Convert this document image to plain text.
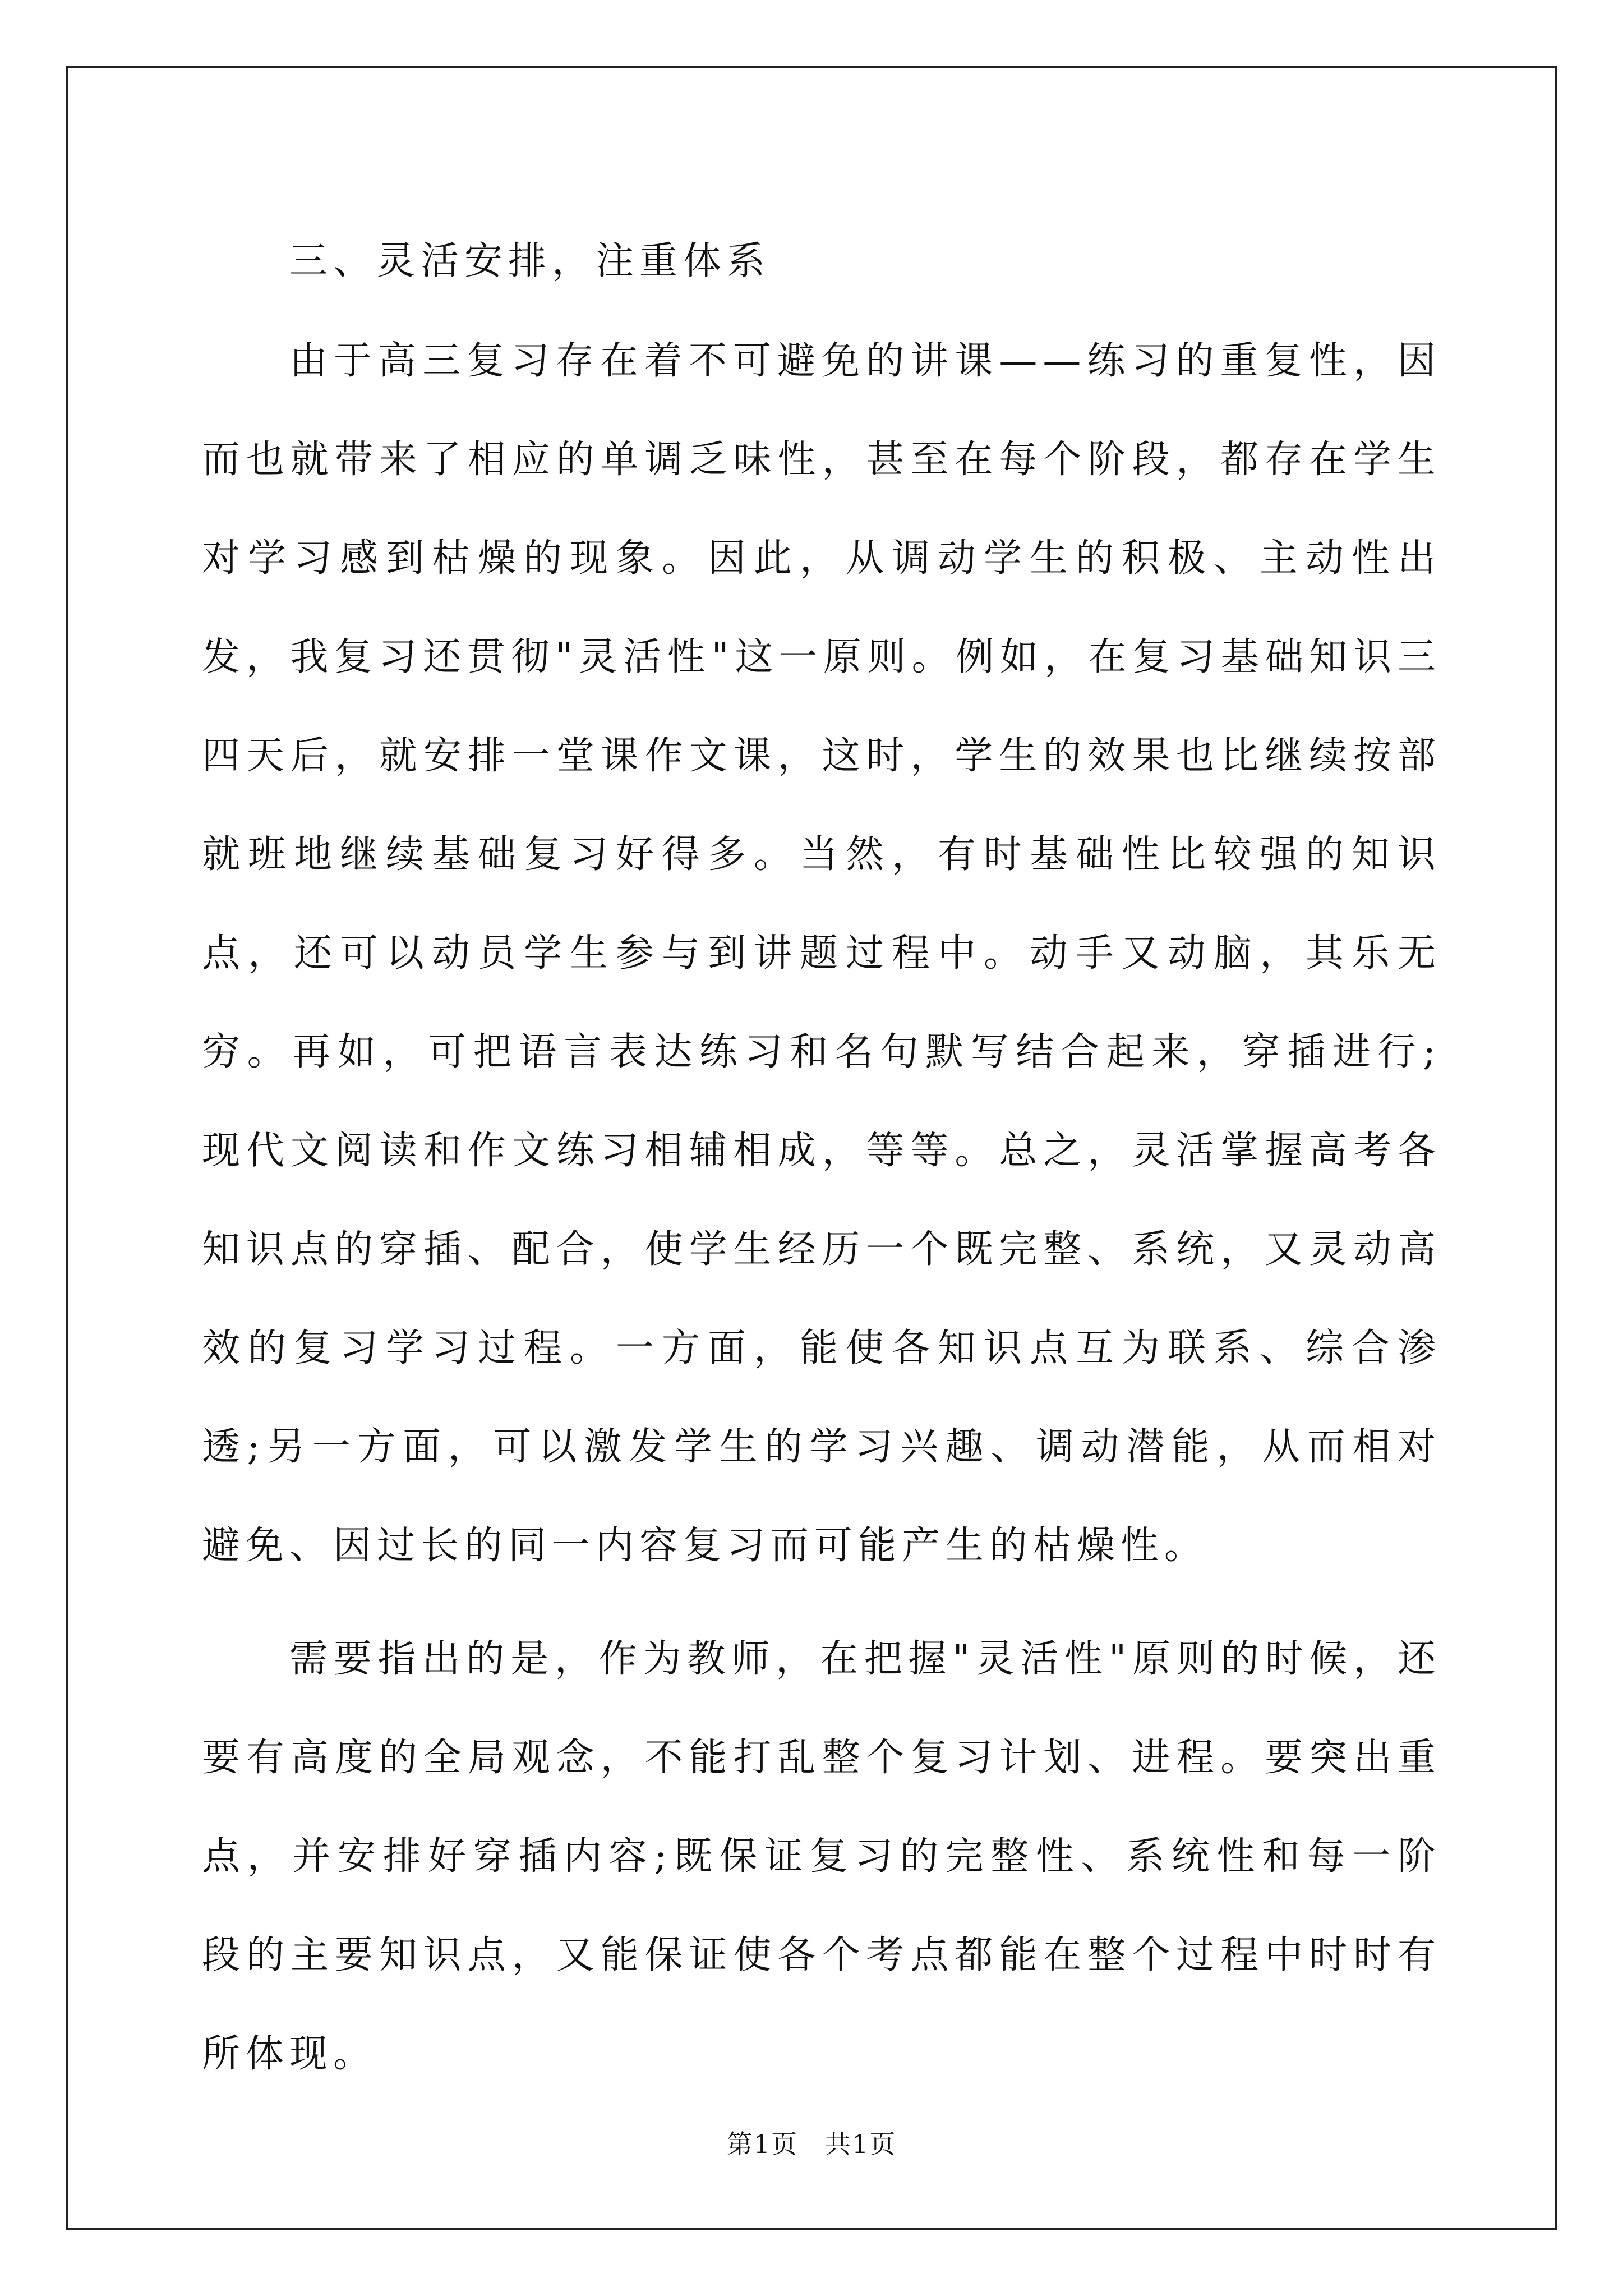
三、灵活安排，注重体系

由于高三复习存在着不可避免的讲课——练习的重复性，因而也就带来了相应的单调乏味性，甚至在每个阶段，都存在学生对学习感到枯燥的现象。因此，从调动学生的积极、主动性出发，我复习还贯彻"灵活性"这一原则。例如，在复习基础知识三四天后，就安排一堂课作文课，这时，学生的效果也比继续按部就班地继续基础复习好得多。当然，有时基础性比较强的知识点，还可以动员学生参与到讲题过程中。动手又动脑，其乐无穷。再如，可把语言表达练习和名句默写结合起来，穿插进行;现代文阅读和作文练习相辅相成，等等。总之，灵活掌握高考各知识点的穿插、配合，使学生经历一个既完整、系统，又灵动高效的复习学习过程。一方面，能使各知识点互为联系、综合渗透;另一方面，可以激发学生的学习兴趣、调动潜能，从而相对避免、因过长的同一内容复习而可能产生的枯燥性。

需要指出的是，作为教师，在把握"灵活性"原则的时候，还要有高度的全局观念，不能打乱整个复习计划、进程。要突出重点，并安排好穿插内容;既保证复习的完整性、系统性和每一阶段的主要知识点，又能保证使各个考点都能在整个过程中时时有所体现。

第1页　共1页
